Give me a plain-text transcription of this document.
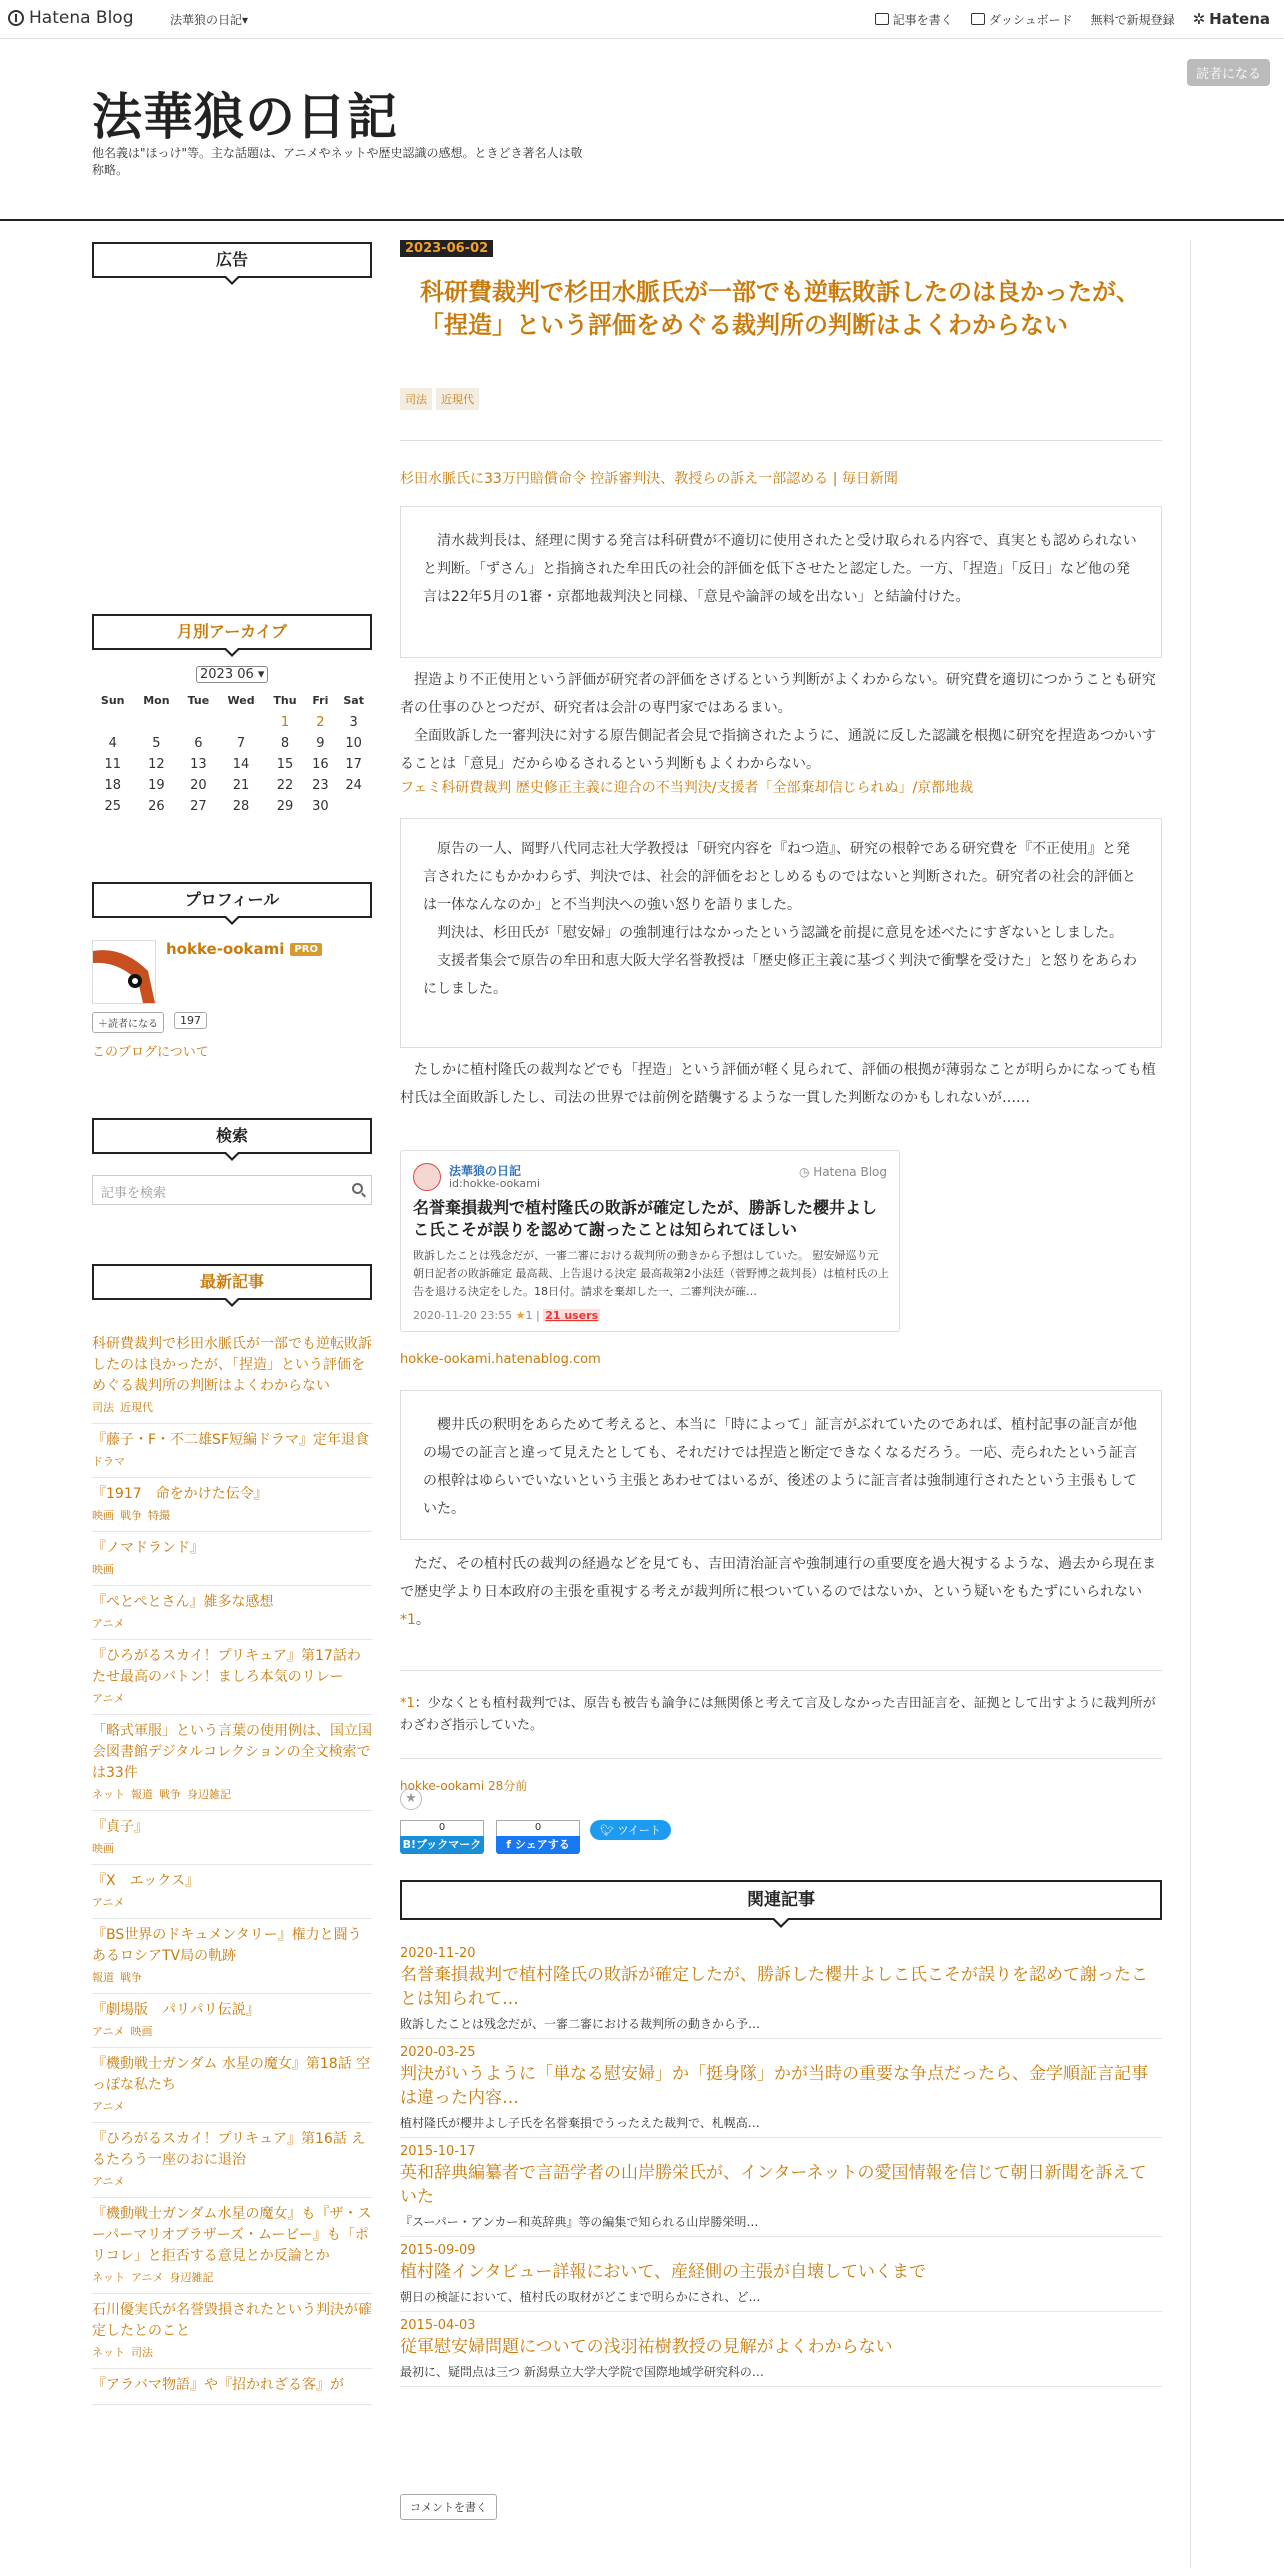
Hatena Blog	法華狼の日記▾	記事を書く	ダッシュボード 無料で新規登録 ✲ Hatena
法華狼の日記
他名義は"ほっけ"等。主な話題は、アニメやネットや歴史認識の感想。ときどき著名人は敬称略。
読者になる
広告
月別アーカイブ
2023 06 ▾
Sun	Mon	Tue	Wed	Thu	Fri	Sat
				1	2	3
4	5	6	7	8	9	10
11	12	13	14	15	16	17
18	19	20	21	22	23	24
25	26	27	28	29	30	
プロフィール
hokke-ookami PRO
＋読者になる	197
このブログについて
検索
記事を検索
最新記事
科研費裁判で杉田水脈氏が一部でも逆転敗訴したのは良かったが、「捏造」という評価をめぐる裁判所の判断はよくわからない
司法 近現代
『藤子・F・不二雄SF短編ドラマ』定年退食
ドラマ
『1917　命をかけた伝令』
映画 戦争 特撮
『ノマドランド』
映画
『ぺとぺとさん』雑多な感想
アニメ
『ひろがるスカイ！プリキュア』第17話わたせ最高のバトン！ましろ本気のリレー
アニメ
「略式軍服」という言葉の使用例は、国立国会図書館デジタルコレクションの全文検索では33件
ネット 報道 戦争 身辺雑記
『貞子』
映画
『X　エックス』
アニメ
『BS世界のドキュメンタリー』権力と闘う あるロシアTV局の軌跡
報道 戦争
『劇場版　パリパリ伝説』
アニメ 映画
『機動戦士ガンダム 水星の魔女』第18話 空っぽな私たち
アニメ
『ひろがるスカイ！プリキュア』第16話 えるたろう一座のおに退治
アニメ
『機動戦士ガンダム水星の魔女』も『ザ・スーパーマリオブラザーズ・ムービー』も「ポリコレ」と拒否する意見とか反論とか
ネット アニメ 身辺雑記
石川優実氏が名誉毀損されたという判決が確定したとのこと
ネット 司法
『アラバマ物語』や『招かれざる客』が
2023-06-02
科研費裁判で杉田水脈氏が一部でも逆転敗訴したのは良かったが、「捏造」という評価をめぐる裁判所の判断はよくわからない
司法	近現代
杉田水脈氏に33万円賠償命令 控訴審判決、教授らの訴え一部認める | 毎日新聞
　清水裁判長は、経理に関する発言は科研費が不適切に使用されたと受け取られる内容で、真実とも認められないと判断。「ずさん」と指摘された牟田氏の社会的評価を低下させたと認定した。一方、「捏造」「反日」など他の発言は22年5月の1審・京都地裁判決と同様、「意見や論評の域を出ない」と結論付けた。
　捏造より不正使用という評価が研究者の評価をさげるという判断がよくわからない。研究費を適切につかうことも研究者の仕事のひとつだが、研究者は会計の専門家ではあるまい。
　全面敗訴した一審判決に対する原告側記者会見で指摘されたように、通説に反した認識を根拠に研究を捏造あつかいすることは「意見」だからゆるされるという判断もよくわからない。
フェミ科研費裁判 歴史修正主義に迎合の不当判決/支援者「全部棄却信じられぬ」/京都地裁
　原告の一人、岡野八代同志社大学教授は「研究内容を『ねつ造』、研究の根幹である研究費を『不正使用』と発言されたにもかかわらず、判決では、社会的評価をおとしめるものではないと判断された。研究者の社会的評価とは一体なんなのか」と不当判決への強い怒りを語りました。
　判決は、杉田氏が「慰安婦」の強制連行はなかったという認識を前提に意見を述べたにすぎないとしました。
　支援者集会で原告の牟田和恵大阪大学名誉教授は「歴史修正主義に基づく判決で衝撃を受けた」と怒りをあらわにしました。
　たしかに植村隆氏の裁判などでも「捏造」という評価が軽く見られて、評価の根拠が薄弱なことが明らかになっても植村氏は全面敗訴したし、司法の世界では前例を踏襲するような一貫した判断なのかもしれないが……
法華狼の日記
id:hokke-ookami
◷ Hatena Blog
名誉棄損裁判で植村隆氏の敗訴が確定したが、勝訴した櫻井よしこ氏こそが誤りを認めて謝ったことは知られてほしい
敗訴したことは残念だが、一審二審における裁判所の動きから予想はしていた。 慰安婦巡り元朝日記者の敗訴確定 最高裁、上告退ける決定 最高裁第2小法廷（菅野博之裁判長）は植村氏の上告を退ける決定をした。18日付。請求を棄却した一、二審判決が確…
2020-11-20 23:55 ★1 | 21 users
hokke-ookami.hatenablog.com
　櫻井氏の釈明をあらためて考えると、本当に「時によって」証言がぶれていたのであれば、植村記事の証言が他の場での証言と違って見えたとしても、それだけでは捏造と断定できなくなるだろう。一応、売られたという証言の根幹はゆらいでいないという主張とあわせてはいるが、後述のように証言者は強制連行されたという主張もしていた。
　ただ、その植村氏の裁判の経過などを見ても、吉田清治証言や強制連行の重要度を過大視するような、過去から現在まで歴史学より日本政府の主張を重視する考えが裁判所に根ついているのではないか、という疑いをもたずにいられない*1。
*1：少なくとも植村裁判では、原告も被告も論争には無関係と考えて言及しなかった吉田証言を、証拠として出すように裁判所がわざわざ指示していた。
hokke-ookami 28分前
★
0
B!ブックマーク
0
f シェアする
🐦︎ ツイート
関連記事
2020-11-20
名誉棄損裁判で植村隆氏の敗訴が確定したが、勝訴した櫻井よしこ氏こそが誤りを認めて謝ったことは知られて…
敗訴したことは残念だが、一審二審における裁判所の動きから予…
2020-03-25
判決がいうように「単なる慰安婦」か「挺身隊」かが当時の重要な争点だったら、金学順証言記事は違った内容…
植村隆氏が櫻井よし子氏を名誉棄損でうったえた裁判で、札幌高…
2015-10-17
英和辞典編纂者で言語学者の山岸勝栄氏が、インターネットの愛国情報を信じて朝日新聞を訴えていた
『スーパー・アンカー和英辞典』等の編集で知られる山岸勝栄明…
2015-09-09
植村隆インタビュー詳報において、産経側の主張が自壊していくまで
朝日の検証において、植村氏の取材がどこまで明らかにされ、ど…
2015-04-03
従軍慰安婦問題についての浅羽祐樹教授の見解がよくわからない
最初に、疑問点は三つ 新潟県立大学大学院で国際地域学研究科の…
コメントを書く
